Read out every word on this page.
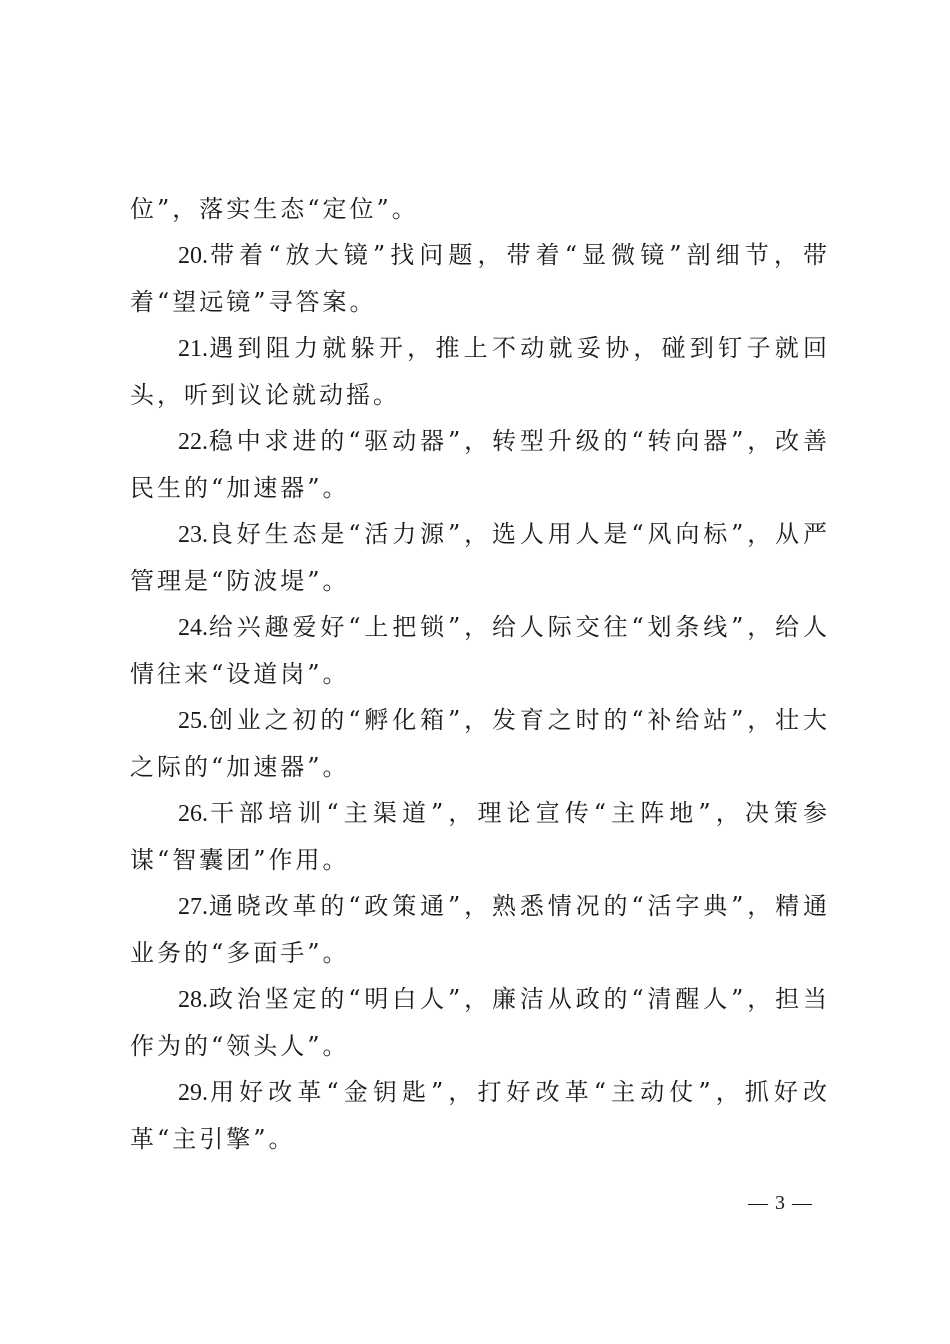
位”，落实生态“定位”。

20.带着“放大镜”找问题，带着“显微镜”剖细节，带着“望远镜”寻答案。

21.遇到阻力就躲开，推上不动就妥协，碰到钉子就回头，听到议论就动摇。

22.稳中求进的“驱动器”，转型升级的“转向器”，改善民生的“加速器”。

23.良好生态是“活力源”，选人用人是“风向标”，从严管理是“防波堤”。

24.给兴趣爱好“上把锁”，给人际交往“划条线”，给人情往来“设道岗”。

25.创业之初的“孵化箱”，发育之时的“补给站”，壮大之际的“加速器”。

26.干部培训“主渠道”，理论宣传“主阵地”，决策参谋“智囊团”作用。

27.通晓改革的“政策通”，熟悉情况的“活字典”，精通业务的“多面手”。

28.政治坚定的“明白人”，廉洁从政的“清醒人”，担当作为的“领头人”。

29.用好改革“金钥匙”，打好改革“主动仗”，抓好改革“主引擎”。

— 3 —
